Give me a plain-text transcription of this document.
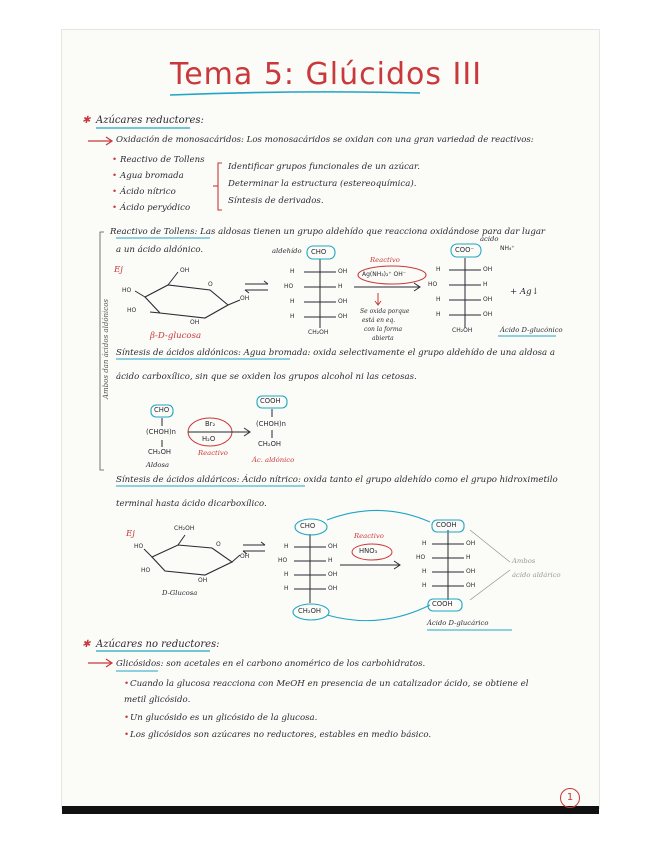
Tema 5: Glúcidos III
✱ Azúcares reductores:
Oxidación de monosacáridos: Los monosacáridos se oxidan con una gran variedad de reactivos:
• Reactivo de Tollens
• Agua bromada
• Ácido nítrico
• Ácido peryódico
Identificar grupos funcionales de un azúcar.
Determinar la estructura (estereoquímica).
Síntesis de derivados.
Reactivo de Tollens: Las aldosas tienen un grupo aldehído que reacciona oxidándose para dar lugar
a un ácido aldónico.
Ambos dan ácidos aldónicos
Ej
HO
OH
O
OH
HO
OH
β-D-glucosa
aldehído CHO
H	OH
HO	H
H	OH
H	OH
CH₂OH
Reactivo
Ag(NH₃)₂⁺ OH⁻
Se oxida porque
está en eq.
con la forma
abierta
ácido
COO⁻	NH₄⁺
H	OH
HO	H
H	OH
H	OH
CH₂OH
+ Ag↓
Ácido D-glucónico
Síntesis de ácidos aldónicos: Agua bromada: oxida selectivamente el grupo aldehído de una aldosa a
ácido carboxílico, sin que se oxiden los grupos alcohol ni las cetosas.
CHO
(CHOH)n
CH₂OH
Aldosa
Br₂
H₂O
Reactivo
COOH
(CHOH)n
CH₂OH
Ác. aldónico
Síntesis de ácidos aldáricos: Ácido nítrico: oxida tanto el grupo aldehído como el grupo hidroximetilo
terminal hasta ácido dicarboxílico.
Ej
CH₂OH
HO	O
OH
HO
OH
D-Glucosa
CHO
H	OH
HO	H
H	OH
H	OH
CH₂OH
Reactivo
HNO₃
COOH
H	OH
HO	H
H	OH
H	OH
COOH
Ácido D-glucárico
Ambos
ácido aldárico
✱ Azúcares no reductores:
Glicósidos: son acetales en el carbono anomérico de los carbohidratos.
• Cuando la glucosa reacciona con MeOH en presencia de un catalizador ácido, se obtiene el
metil glicósido.
• Un glucósido es un glicósido de la glucosa.
• Los glicósidos son azúcares no reductores, estables en medio básico.
1
